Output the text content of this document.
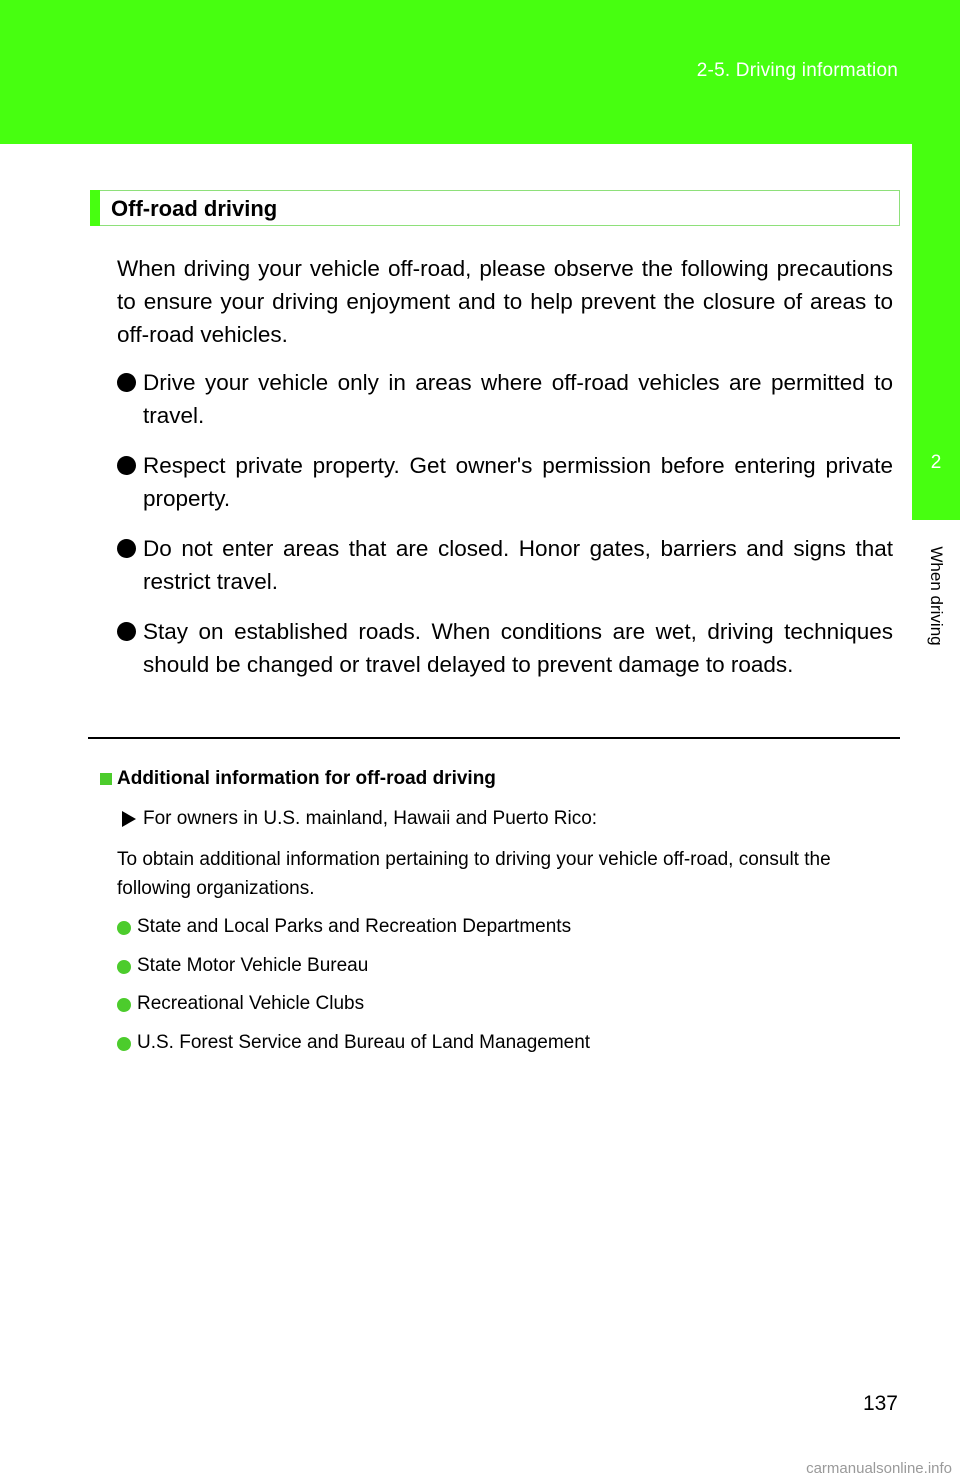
2-5. Driving information
2
When driving
Off-road driving

When driving your vehicle off-road, please observe the following precautions to ensure your driving enjoyment and to help prevent the closure of areas to off-road vehicles.

Drive your vehicle only in areas where off-road vehicles are permitted to travel.
Respect private property. Get owner's permission before entering private property.
Do not enter areas that are closed. Honor gates, barriers and signs that restrict travel.
Stay on established roads. When conditions are wet, driving techniques should be changed or travel delayed to prevent damage to roads.
Additional information for off-road driving
For owners in U.S. mainland, Hawaii and Puerto Rico:

To obtain additional information pertaining to driving your vehicle off-road, consult the following organizations.

State and Local Parks and Recreation Departments
State Motor Vehicle Bureau
Recreational Vehicle Clubs
U.S. Forest Service and Bureau of Land Management
137
carmanualsonline.info
